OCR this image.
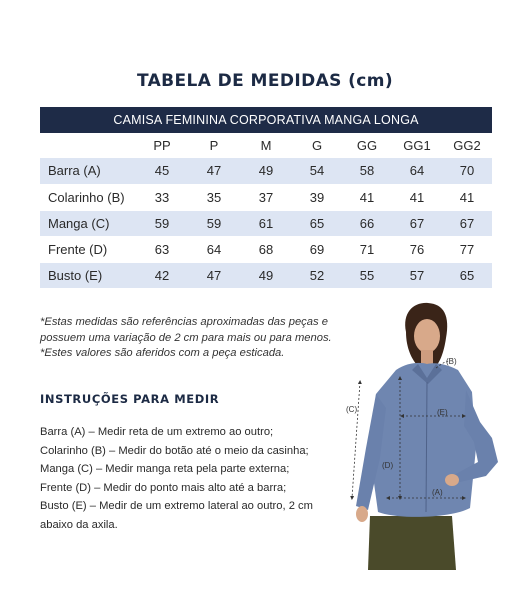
TABELA DE MEDIDAS (cm)
CAMISA FEMININA CORPORATIVA MANGA LONGA							
	PP	P	M	G	GG	GG1	GG2
Barra (A)	45	47	49	54	58	64	70
Colarinho (B)	33	35	37	39	41	41	41
Manga (C)	59	59	61	65	66	67	67
Frente (D)	63	64	68	69	71	76	77
Busto (E)	42	47	49	52	55	57	65

*Estas medidas são referências aproximadas das peças e

possuem uma variação de 2 cm para mais ou para menos.

*Estes valores são aferidos com a peça esticada.

INSTRUÇÕES PARA MEDIR

Barra (A) – Medir reta de um extremo ao outro;

Colarinho (B) – Medir do botão até o meio da casinha;

Manga (C) – Medir manga reta pela parte externa;

Frente (D) – Medir do ponto mais alto até a barra;

Busto (E) – Medir de um extremo lateral ao outro, 2 cm

abaixo da axila.

(B)
(C)	(E)
(D)
(A)
